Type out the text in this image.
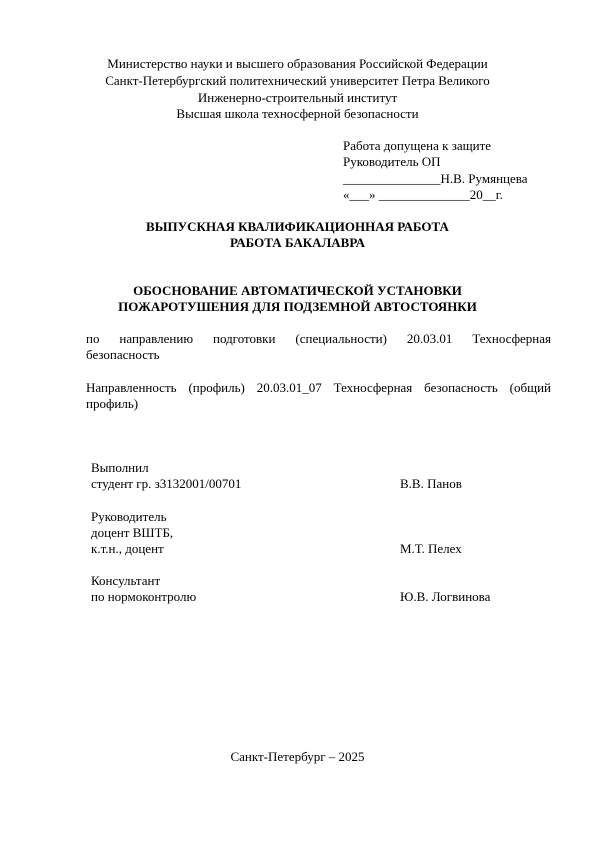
Министерство науки и высшего образования Российской Федерации
Санкт-Петербургский политехнический университет Петра Великого
Инженерно-строительный институт
Высшая школа техносферной безопасности
Работа допущена к защите
Руководитель ОП
_______________Н.В. Румянцева
«___» ______________20__г.
ВЫПУСКНАЯ КВАЛИФИКАЦИОННАЯ РАБОТА
РАБОТА БАКАЛАВРА
ОБОСНОВАНИЕ АВТОМАТИЧЕСКОЙ УСТАНОВКИ
ПОЖАРОТУШЕНИЯ ДЛЯ ПОДЗЕМНОЙ АВТОСТОЯНКИ
по направлению подготовки (специальности) 20.03.01 Техносферная
безопасность
Направленность (профиль) 20.03.01_07 Техносферная безопасность (общий
профиль)
Выполнил
студент гр. з3132001/00701	В.В. Панов
Руководитель
доцент ВШТБ,
к.т.н., доцент	М.Т. Пелех
Консультант
по нормоконтролю	Ю.В. Логвинова
Санкт-Петербург – 2025
